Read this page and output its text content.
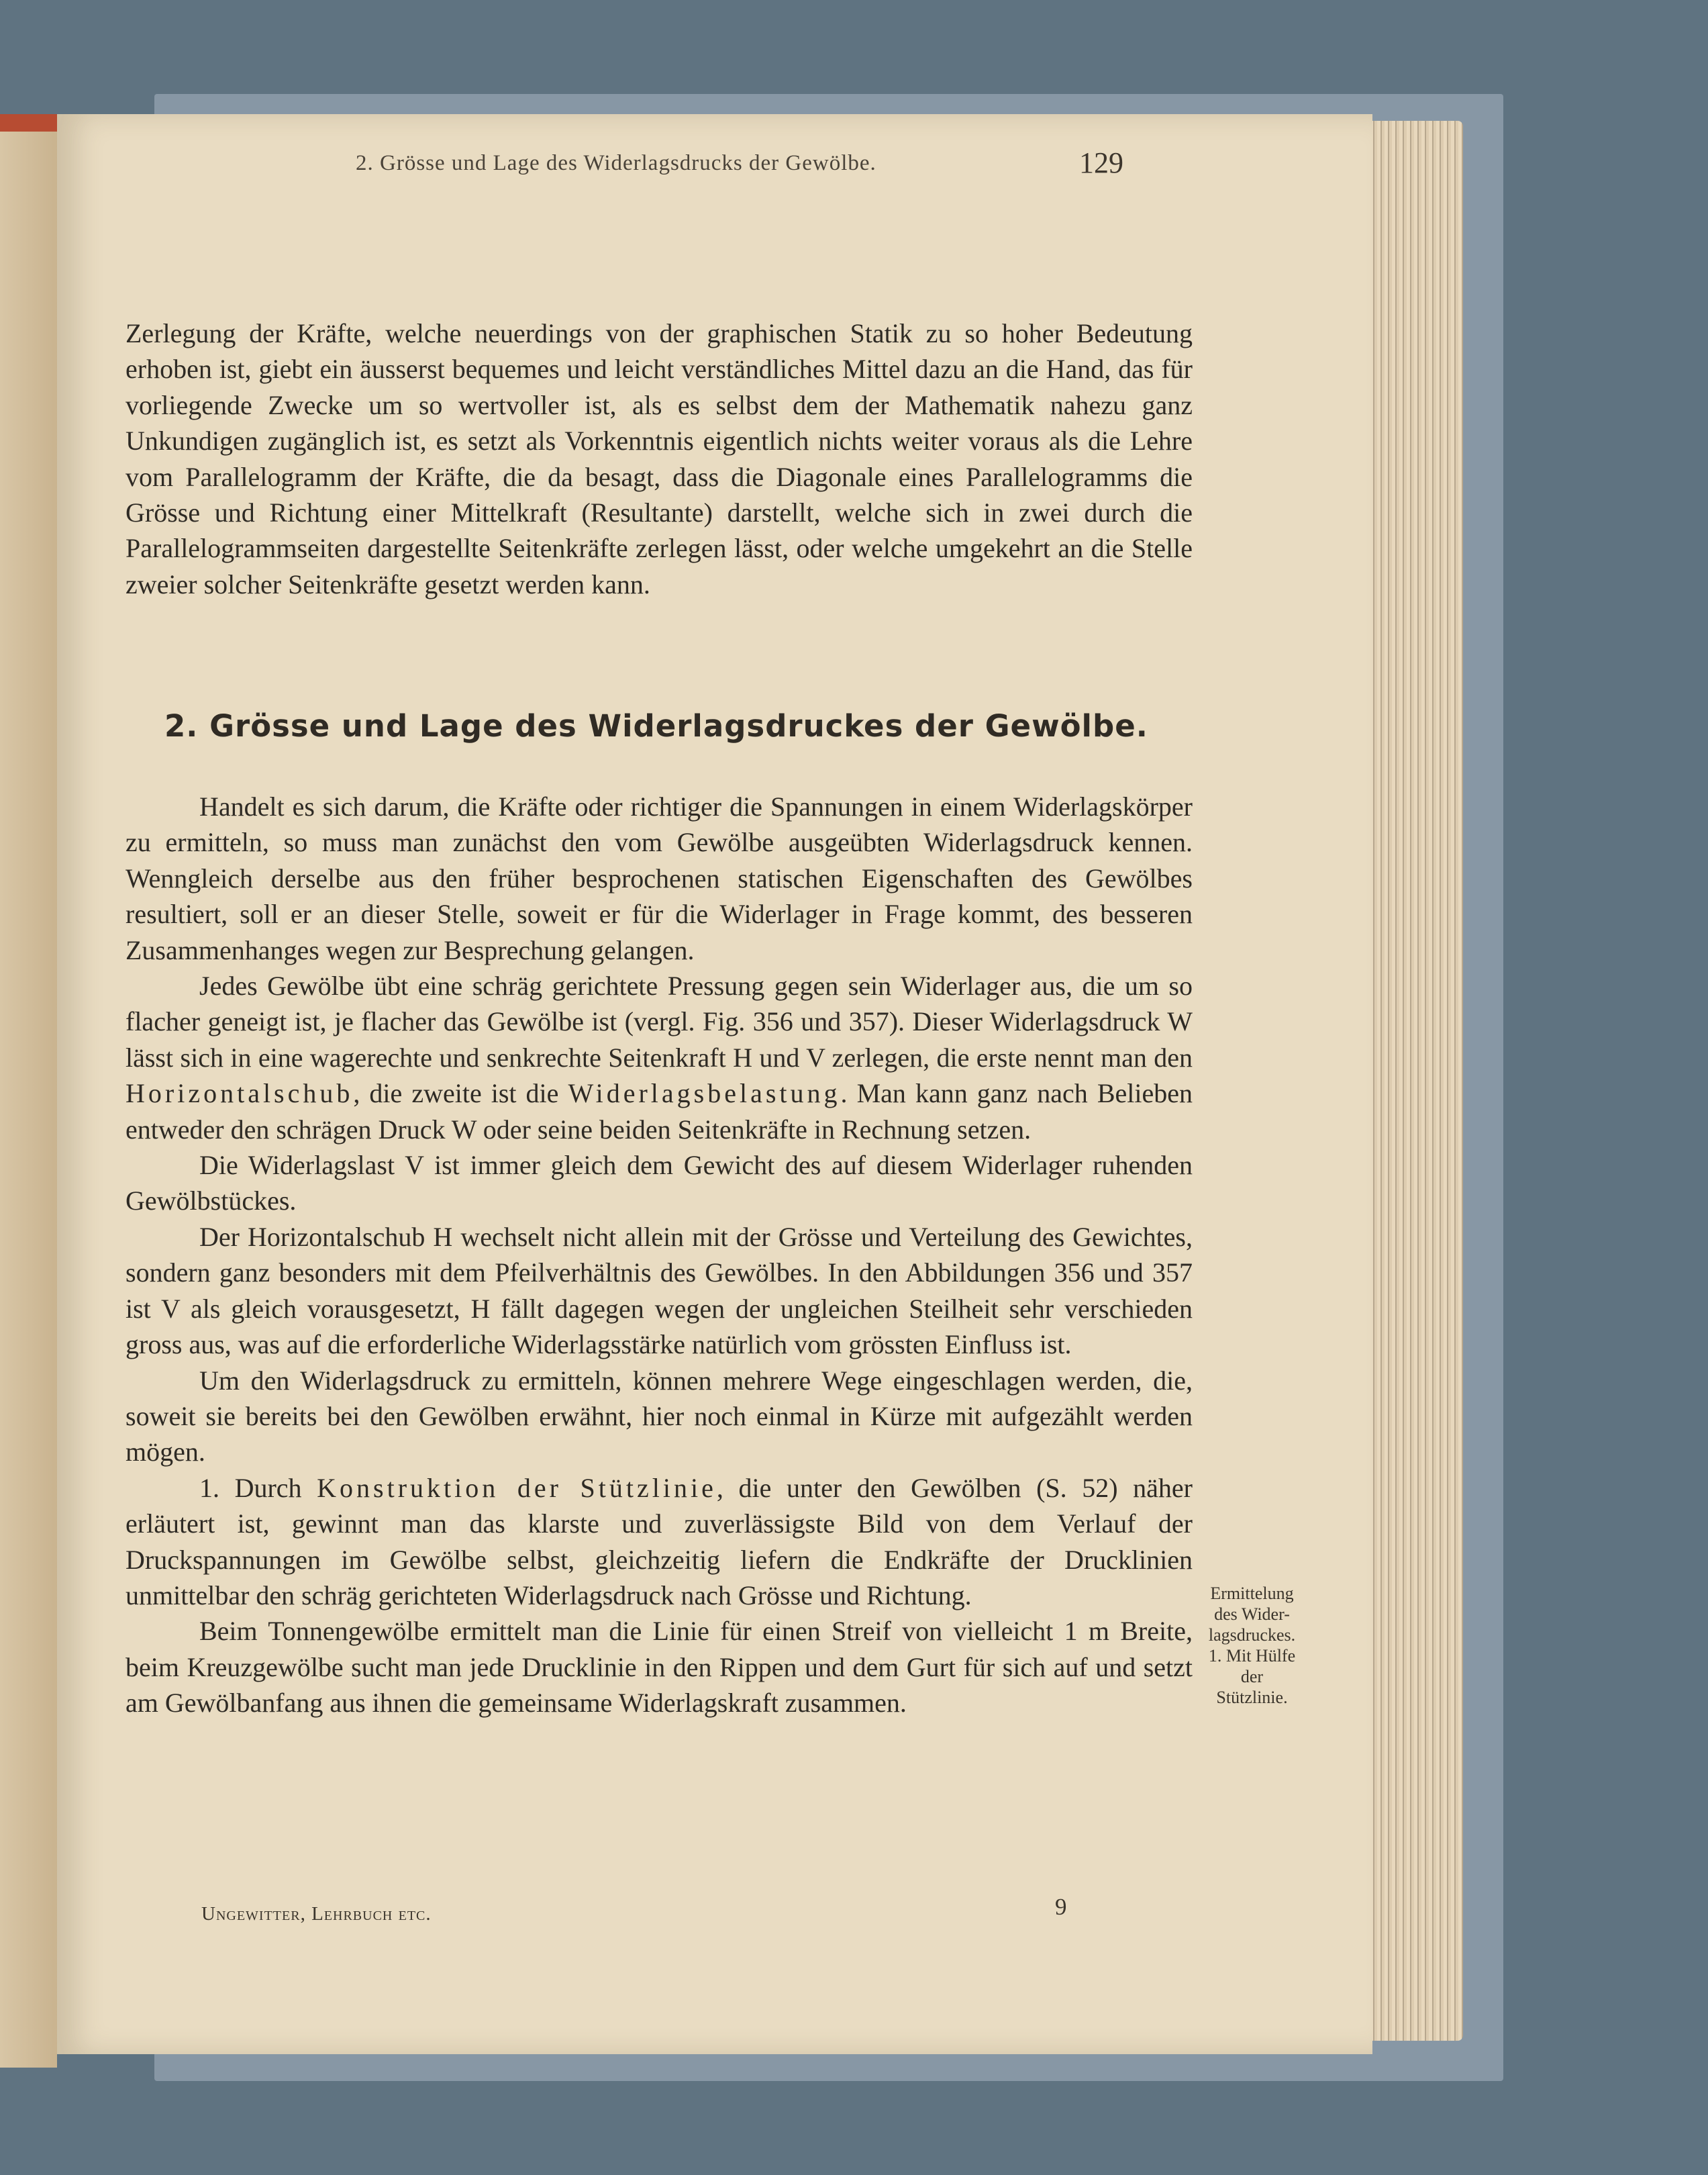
2. Grösse und Lage des Widerlagsdrucks der Gewölbe.	129

Zerlegung der Kräfte, welche neuerdings von der graphischen Statik zu so hoher Bedeutung erhoben ist, giebt ein äusserst bequemes und leicht verständliches Mittel dazu an die Hand, das für vorliegende Zwecke um so wertvoller ist, als es selbst dem der Mathematik nahezu ganz Unkundigen zugänglich ist, es setzt als Vorkenntnis eigentlich nichts weiter voraus als die Lehre vom Parallelogramm der Kräfte, die da besagt, dass die Diagonale eines Parallelogramms die Grösse und Richtung einer Mittelkraft (Resultante) darstellt, welche sich in zwei durch die Parallelogrammseiten dargestellte Seitenkräfte zerlegen lässt, oder welche umgekehrt an die Stelle zweier solcher Seitenkräfte gesetzt werden kann.

2. Grösse und Lage des Widerlagsdruckes der Gewölbe.

Handelt es sich darum, die Kräfte oder richtiger die Spannungen in einem Widerlagskörper zu ermitteln, so muss man zunächst den vom Gewölbe ausgeübten Widerlagsdruck kennen. Wenngleich derselbe aus den früher besprochenen statischen Eigenschaften des Gewölbes resultiert, soll er an dieser Stelle, soweit er für die Widerlager in Frage kommt, des besseren Zusammenhanges wegen zur Besprechung gelangen.

Jedes Gewölbe übt eine schräg gerichtete Pressung gegen sein Widerlager aus, die um so flacher geneigt ist, je flacher das Gewölbe ist (vergl. Fig. 356 und 357). Dieser Widerlagsdruck W lässt sich in eine wagerechte und senkrechte Seitenkraft H und V zerlegen, die erste nennt man den Horizontalschub, die zweite ist die Widerlagsbelastung. Man kann ganz nach Belieben entweder den schrägen Druck W oder seine beiden Seitenkräfte in Rechnung setzen.

Die Widerlagslast V ist immer gleich dem Gewicht des auf diesem Widerlager ruhenden Gewölbstückes.

Der Horizontalschub H wechselt nicht allein mit der Grösse und Verteilung des Gewichtes, sondern ganz besonders mit dem Pfeilverhältnis des Gewölbes. In den Abbildungen 356 und 357 ist V als gleich vorausgesetzt, H fällt dagegen wegen der ungleichen Steilheit sehr verschieden gross aus, was auf die erforderliche Widerlagsstärke natürlich vom grössten Einfluss ist.

Um den Widerlagsdruck zu ermitteln, können mehrere Wege eingeschlagen werden, die, soweit sie bereits bei den Gewölben erwähnt, hier noch einmal in Kürze mit aufgezählt werden mögen.

1. Durch Konstruktion der Stützlinie, die unter den Gewölben (S. 52) näher erläutert ist, gewinnt man das klarste und zuverlässigste Bild von dem Verlauf der Druckspannungen im Gewölbe selbst, gleichzeitig liefern die Endkräfte der Drucklinien unmittelbar den schräg gerichteten Widerlagsdruck nach Grösse und Richtung.

Beim Tonnengewölbe ermittelt man die Linie für einen Streif von vielleicht 1 m Breite, beim Kreuzgewölbe sucht man jede Drucklinie in den Rippen und dem Gurt für sich auf und setzt am Gewölbanfang aus ihnen die gemeinsame Widerlagskraft zusammen.

Ermittelung
des Wider-
lagsdruckes.
1. Mit Hülfe
der
Stützlinie.
Ungewitter, Lehrbuch etc.	9
